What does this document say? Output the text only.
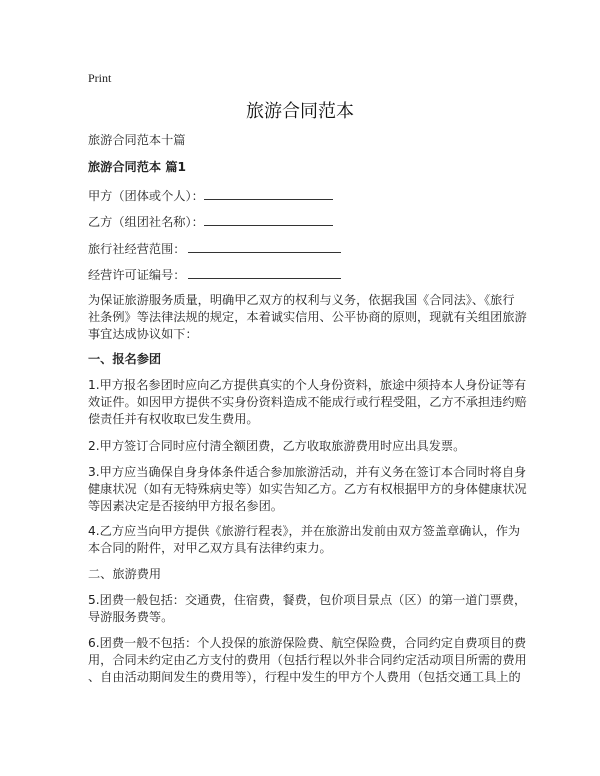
Print
旅游合同范本
旅游合同范本十篇
旅游合同范本 篇1
甲方（团体或个人）：
乙方（组团社名称）：
旅行社经营范围：
经营许可证编号：
为保证旅游服务质量，明确甲乙双方的权利与义务，依据我国《合同法》、《旅行
社条例》等法律法规的规定，本着诚实信用、公平协商的原则，现就有关组团旅游
事宜达成协议如下：
一、报名参团
1.甲方报名参团时应向乙方提供真实的个人身份资料，旅途中须持本人身份证等有
效证件。如因甲方提供不实身份资料造成不能成行或行程受阻，乙方不承担违约赔
偿责任并有权收取已发生费用。
2.甲方签订合同时应付清全额团费，乙方收取旅游费用时应出具发票。
3.甲方应当确保自身身体条件适合参加旅游活动，并有义务在签订本合同时将自身
健康状况（如有无特殊病史等）如实告知乙方。乙方有权根据甲方的身体健康状况
等因素决定是否接纳甲方报名参团。
4.乙方应当向甲方提供《旅游行程表》，并在旅游出发前由双方签盖章确认，作为
本合同的附件，对甲乙双方具有法律约束力。
二、旅游费用
5.团费一般包括：交通费，住宿费，餐费，包价项目景点（区）的第一道门票费，
导游服务费等。
6.团费一般不包括：个人投保的旅游保险费、航空保险费，合同约定自费项目的费
用，合同未约定由乙方支付的费用（包括行程以外非合同约定活动项目所需的费用
、自由活动期间发生的费用等），行程中发生的甲方个人费用（包括交通工具上的
